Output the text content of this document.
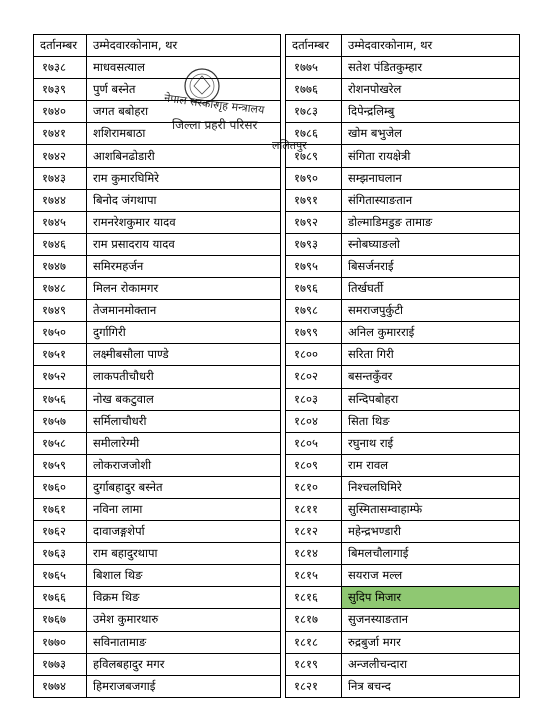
दर्तानम्बर	उम्मेदवारकोनाम, थर
१७३८	माधवसत्याल
१७३९	पुर्ण बस्नेत
१७४०	जगत बबोहरा
१७४१	शशिरामबाठा
१७४२	आशबिनढोडारी
१७४३	राम कुमारघिमिरे
१७४४	बिनोद जंगथापा
१७४५	रामनरेशकुमार यादव
१७४६	राम प्रसादराय यादव
१७४७	समिरमहर्जन
१७४८	मिलन रोकामगर
१७४९	तेजमानमोक्तान
१७५०	दुर्गागिरी
१७५१	लक्ष्मीबसौला पाण्डे
१७५२	लाकपतीचौधरी
१७५६	नोख बकटुवाल
१७५७	सर्मिलाचौधरी
१७५८	समीलारेग्मी
१७५९	लोकराजजोशी
१७६०	दुर्गाबहादुर बस्नेत
१७६१	नविना लामा
१७६२	दावाजङ्गशेर्पा
१७६३	राम बहादुरथापा
१७६५	बिशाल थिङ
१७६६	विक्रम थिङ
१७६७	उमेश कुमारथारु
१७७०	सविनातामाङ
१७७३	हविलबहादुर मगर
१७७४	हिमराजबजगाई
दर्तानम्बर	उम्मेदवारकोनाम, थर
१७७५	सतेश पंडितकुम्हार
१७७६	रोशनपोखरेल
१७८३	दिपेन्द्रलिम्बु
१७८६	खोम बभुजेल
१७८९	संगिता रायक्षेत्री
१७९०	सम्झनाघलान
१७९१	संगितास्याङतान
१७९२	डोल्माडिमडुङ तामाङ
१७९३	स्नोबघ्याङलो
१७९५	बिसर्जनराई
१७९६	तिर्खघर्ती
१७९८	समराजपुर्कुटी
१७९९	अनिल कुमारराई
१८००	सरिता गिरी
१८०२	बसन्तकुँवर
१८०३	सन्दिपबोहरा
१८०४	सिता थिङ
१८०५	रघुनाथ राई
१८०९	राम रावल
१८१०	निश्चलघिमिरे
१८११	सुस्मितासम्वाहाम्फे
१८१२	महेन्द्रभण्डारी
१८१४	बिमलचौलागाई
१८१५	सयराज मल्ल
१८१६	सुदिप मिजार
१८१७	सुजनस्याङतान
१८१८	रुद्रबुर्जा मगर
१८१९	अन्जलीचन्दारा
१८२१	नित्र बचन्द
नेपाल सरकार
गृह मन्त्रालय
जिल्ला प्रहरी परिसर
ललितपुर
